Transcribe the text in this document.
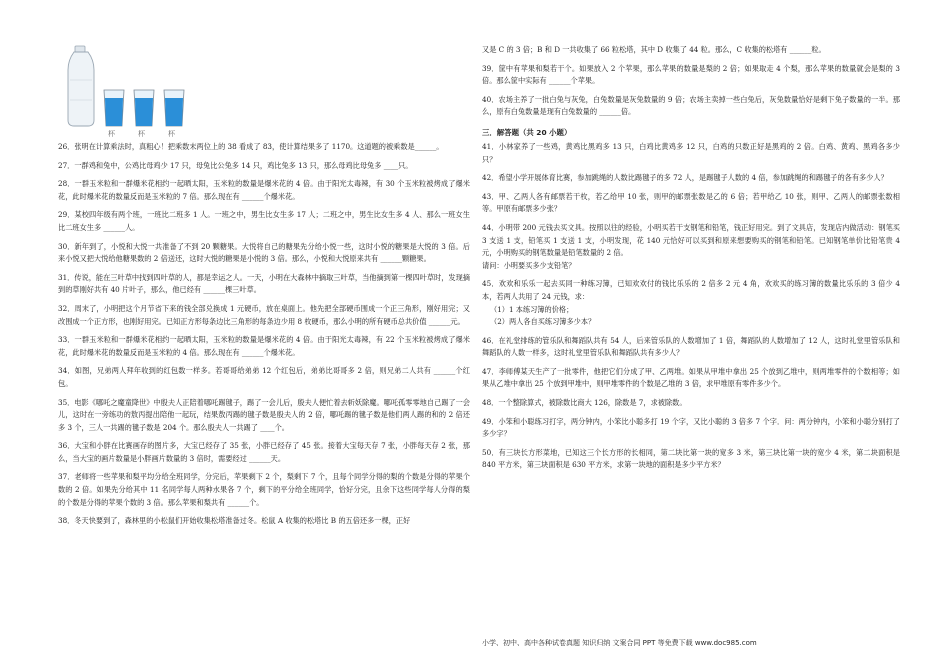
杯	杯	杯

26．张明在计算乘法时，真粗心！把乘数末两位上的 38 看成了 83，使计算结果多了 1170。这道题的被乘数是______。

27．一群鸡和兔中，公鸡比母鸡少 17 只，母兔比公兔多 14 只，鸡比兔多 13 只，那么母鸡比母兔多 ____只。

28．一群玉米粒和一群爆米花相约一起晒太阳，玉米粒的数量是爆米花的 4 倍。由于阳光太毒辣，有 30 个玉米粒被烤成了爆米花，此时爆米花的数量反而是玉米粒的 7 倍。那么现在有 ______个爆米花。

29．某校四年级有两个班，一班比二班多 1 人。一班之中，男生比女生多 17 人；二班之中，男生比女生多 4 人、那么一班女生比二班女生多 ______人。

30．新年到了，小悦和大悦一共准备了不到 20 颗糖果。大悦将自己的糖果先分给小悦一些，这时小悦的糖果是大悦的 3 倍。后来小悦又把大悦给他糖果数的 2 倍送还，这时大悦的糖果是小悦的 3 倍。那么，小悦和大悦原来共有 ______颗糖果。

31．传说，能在三叶草中找到四叶草的人，都是幸运之人。一天，小明在大森林中摘取三叶草，当他摘到第一棵四叶草时，发现摘到的草刚好共有 40 片叶子，那么，他已经有 ______棵三叶草。

32．周末了，小明把这个月节省下来的钱全部兑换成 1 元硬币，放在桌面上。他先把全部硬币围成一个正三角形，刚好用完；又改围成一个正方形，也刚好用完。已知正方形每条边比三角形的每条边少用 8 枚硬币，那么小明的所有硬币总共价值 ______元。

33．一群玉米粒和一群爆米花相约一起晒太阳，玉米粒的数量是爆米花的 4 倍。由于阳光太毒辣，有 22 个玉米粒被烤成了爆米花，此时爆米花的数量反而是玉米粒的 4 倍。那么现在有 ______个爆米花。

34．如图，兄弟两人拜年收到的红包数一样多。若哥哥给弟弟 12 个红包后，弟弟比哥哥多 2 倍，则兄弟二人共有 ______个红包。

35．电影《哪吒之魔童降世》中殷夫人正陪着哪吒踢毽子，踢了一会儿后，殷夫人便忙着去斩妖除魔。哪吒孤零零地自己踢了一会儿，这时在一旁练功的敖丙提出陪他一起玩，结果敖丙踢的毽子数是殷夫人的 2 倍，哪吒踢的毽子数是他们两人踢的和的 2 倍还多 3 个，三人一共踢的毽子数是 204 个。那么殷夫人一共踢了 ____个。

36．大宝和小胖在比赛画存的图片多，大宝已经存了 35 张，小胖已经存了 45 张。接着大宝每天存 7 张，小胖每天存 2 张，那么，当大宝的画片数量是小胖画片数量的 3 倍时，需要经过 ______天。

37．老师将一些苹果和梨平均分给全班同学，分完后，苹果剩下 2 个，梨剩下 7 个，且每个同学分得的梨的个数是分得的苹果个数的 2 倍。如果先分给其中 11 名同学每人两种水果各 7 个，剩下的平分给全班同学，恰好分完，且余下这些同学每人分得的梨的个数是分得的苹果个数的 3 倍。那么苹果和梨共有 ______个。

38．冬天快要到了，森林里的小松鼠们开始收集松塔准备过冬。松鼠 A 收集的松塔比 B 的五倍还多一棵，正好

又是 C 的 3 倍；B 和 D 一共收集了 66 粒松塔，其中 D 收集了 44 粒。那么，C 收集的松塔有 ______粒。

39．筐中有苹果和梨若干个。如果放入 2 个苹果，那么苹果的数量是梨的 2 倍；如果取走 4 个梨，那么苹果的数量就会是梨的 3 倍。那么筐中实际有 ______个苹果。

40．农场主养了一批白兔与灰兔，白兔数量是灰兔数量的 9 倍；农场主卖掉一些白兔后，灰兔数量恰好是剩下兔子数量的一半。那么，原有白兔数量是现有白兔数量的 ______倍。

三．解答题（共 20 小题）

41．小林家养了一些鸡，黄鸡比黑鸡多 13 只，白鸡比黄鸡多 12 只，白鸡的只数正好是黑鸡的 2 倍。白鸡、黄鸡、黑鸡各多少只？

42．希望小学开展体育比赛，参加跳绳的人数比踢毽子的多 72 人，是踢毽子人数的 4 倍，参加跳绳的和踢毽子的各有多少人？

43．甲、乙两人各有邮票若干枚，若乙给甲 10 张，则甲的邮票张数是乙的 6 倍；若甲给乙 10 张，则甲、乙两人的邮票张数相等。甲原有邮票多少张？

44．小明带 200 元钱去买文具。按照以往的经验，小明买若干支钢笔和铅笔，钱正好用完。到了文具店，发现店内做活动：钢笔买 3 支送 1 支，铅笔买 1 支送 1 支，小明发现，花 140 元恰好可以买到和原来想要购买的钢笔和铅笔。已知钢笔单价比铅笔贵 4 元，小明购买的钢笔数量是铅笔数量的 2 倍。

请问：小明要买多少支铅笔？

45．欢欢和乐乐一起去买同一种练习簿，已知欢欢付的钱比乐乐的 2 倍多 2 元 4 角，欢欢买的练习簿的数量比乐乐的 3 倍少 4 本，若两人共用了 24 元钱，求：

（1）1 本练习簿的价格；

（2）两人各自买练习簿多少本？

46．在礼堂排练的管乐队和舞蹈队共有 54 人，后来管乐队的人数增加了 1 倍，舞蹈队的人数增加了 12 人，这时礼堂里管乐队和舞蹈队的人数一样多，这时礼堂里管乐队和舞蹈队共有多少人？

47．李师傅某天生产了一批零件，他把它们分成了甲、乙两堆。如果从甲堆中拿出 25 个放到乙堆中，则两堆零件的个数相等；如果从乙堆中拿出 25 个放到甲堆中，则甲堆零件的个数是乙堆的 3 倍，求甲堆原有零件多少个。

48．一个整除算式，被除数比商大 126，除数是 7，求被除数。

49．小笨和小聪练习打字，两分钟内，小笨比小聪多打 19 个字，又比小聪的 3 倍多 7 个字．问：两分钟内，小笨和小聪分别打了多少字？

50．有三块长方形菜地，已知这三个长方形的长相同，第二块比第一块的宽多 3 米，第三块比第一块的宽少 4 米，第二块面积是 840 平方米，第三块面积是 630 平方米，求第一块地的面积是多少平方米？

小学、初中、高中各种试卷真题 知识归纳 文案合同 PPT 等免费下载 www.doc985.com
